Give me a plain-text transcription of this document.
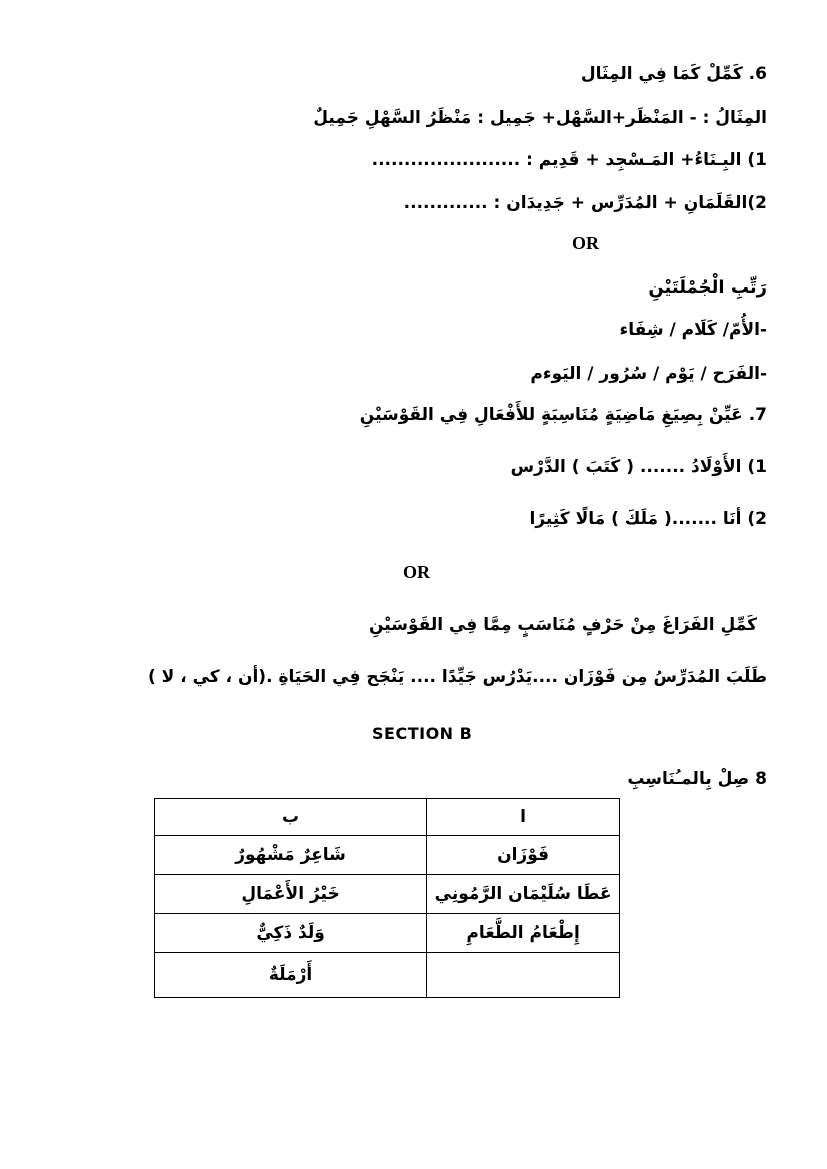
6. كَمِّلْ كَمَا فِي المِثَال
المِثَالُ : - المَنْظَر+السَّهْل+ جَمِيل : مَنْظَرُ السَّهْلِ جَمِيلٌ
1) البِـنَاءُ+ المَـسْجِد + قَدِيم : .......................
2)القَلَمَانِ + المُدَرِّس + جَدِيدَان : .............
OR
رَتِّبِ الْجُمْلَتَيْنِ
-الأُمّ/ كَلَام / شِفَاء
-الفَرَح / يَوْم / سُرُور / اليَوءم
7. عَيِّنْ بِصِيَغِ مَاضِيَةٍ مُنَاسِبَةٍ للأَفْعَالِ فِي القَوْسَيْنِ
1) الأَوْلَادُ ....... ( كَتَبَ ) الدَّرْس
2) أنَا .......( مَلَكَ ) مَالًا كَثِيرًا
OR
كَمِّلِ الفَرَاغَ مِنْ حَرْفٍ مُنَاسَبٍ مِمَّا فِي القَوْسَيْنِ
طَلَبَ المُدَرِّسُ مِن فَوْزَان ....يَدْرُس جَيِّدًا .... يَنْجَح فِي الحَيَاةِ .(أن ، كي ، لا )
SECTION B
8 صِلْ بِالمـُنَاسِبِ
ا	ب
فَوْزَان	شَاعِرٌ مَشْهُورٌ
عَطَا سُلَيْمَان الرَّمُونِي	خَيْرُ الأَعْمَالِ
إِطْعَامُ الطَّعَامِ	وَلَدٌ ذَكِيٌّ
	أَرْمَلَةٌ
